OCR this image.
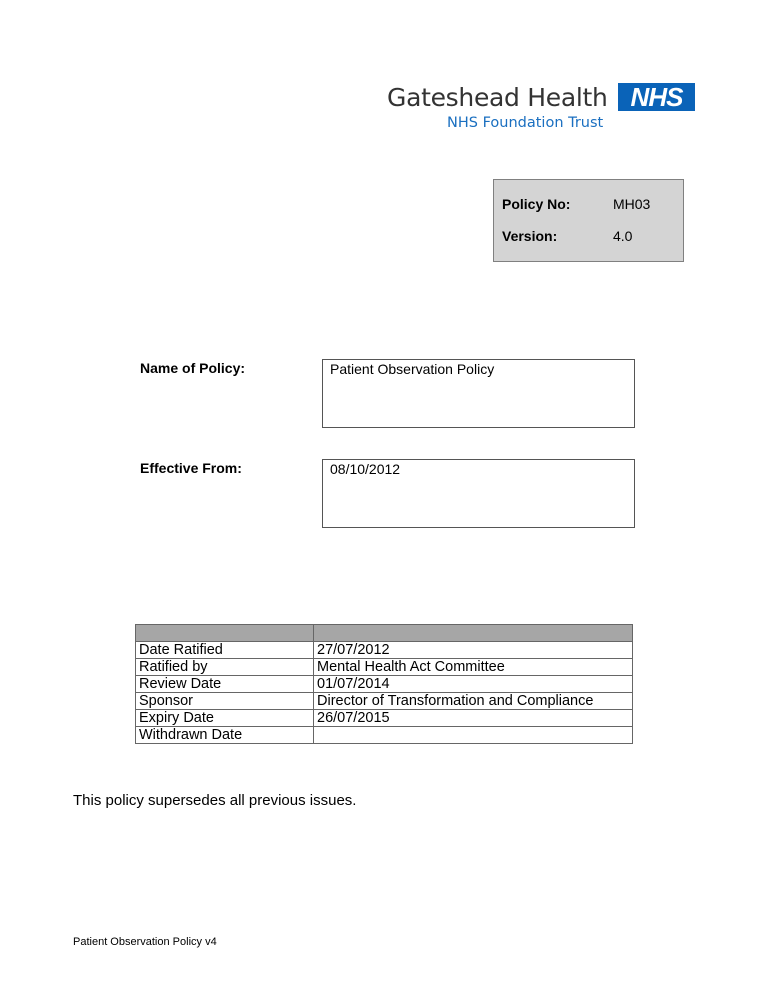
Gateshead Health NHS
NHS Foundation Trust
Policy No:	MH03
Version:	4.0
Name of Policy:	Patient Observation Policy
Effective From:	08/10/2012

Date Ratified	27/07/2012
Ratified by	Mental Health Act Committee
Review Date	01/07/2014
Sponsor	Director of Transformation and Compliance
Expiry Date	26/07/2015
Withdrawn Date	
This policy supersedes all previous issues.
Patient Observation Policy v4
